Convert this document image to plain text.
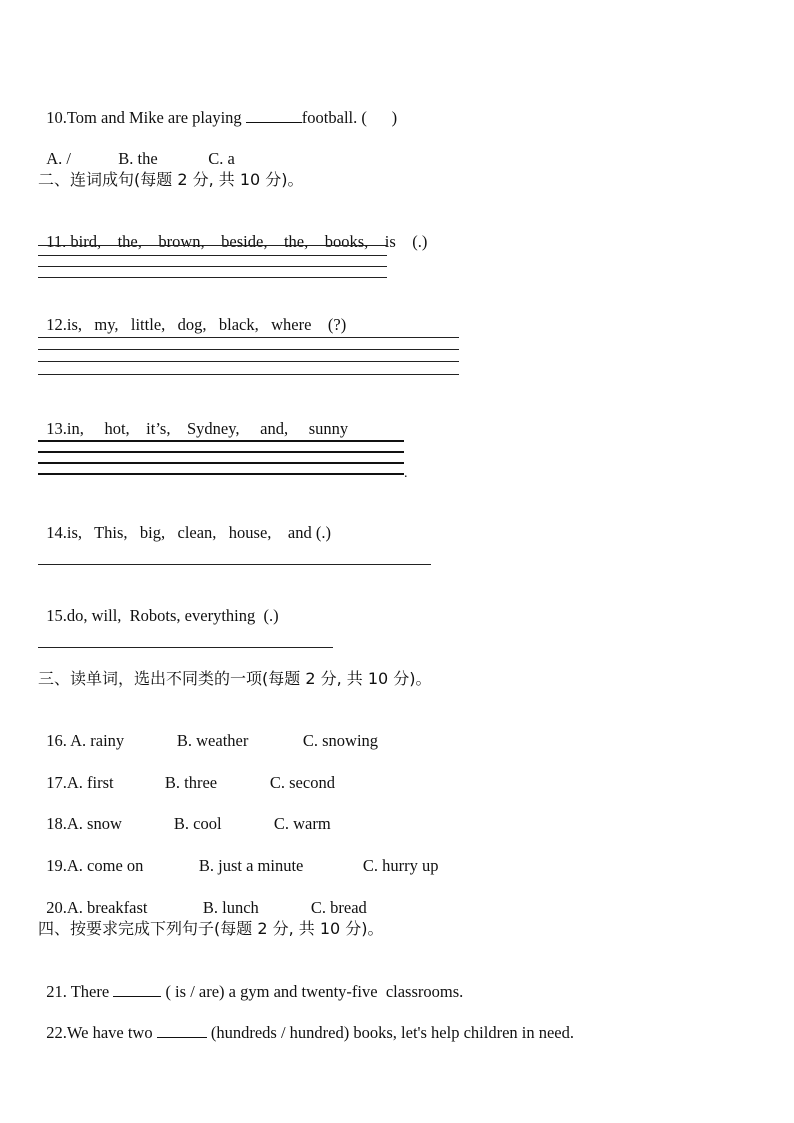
10.Tom and Mike are playing	football. (      )

A. /	B. the	C. a

二、连词成句(每题 2 分, 共 10 分)。

11. bird,    the,    brown,    beside,    the,    books,    is    (.)

12.is,   my,   little,   dog,   black,   where    (?)

13.in,     hot,    it’s,    Sydney,     and,     sunny

.

14.is,   This,   big,   clean,   house,    and (.)

15.do, will,  Robots, everything  (.)

三、读单词，选出不同类的一项(每题 2 分, 共 10 分)。

16. A. rainy	B. weather	C. snowing

17.A. first	B. three	C. second

18.A. snow	B. cool	C. warm

19.A. come on	B. just a minute	C. hurry up

20.A. breakfast	B. lunch	C. bread

四、按要求完成下列句子(每题 2 分, 共 10 分)。

21. There	( is / are) a gym and twenty-five  classrooms.

22.We have two	(hundreds / hundred) books, let's help children in need.
